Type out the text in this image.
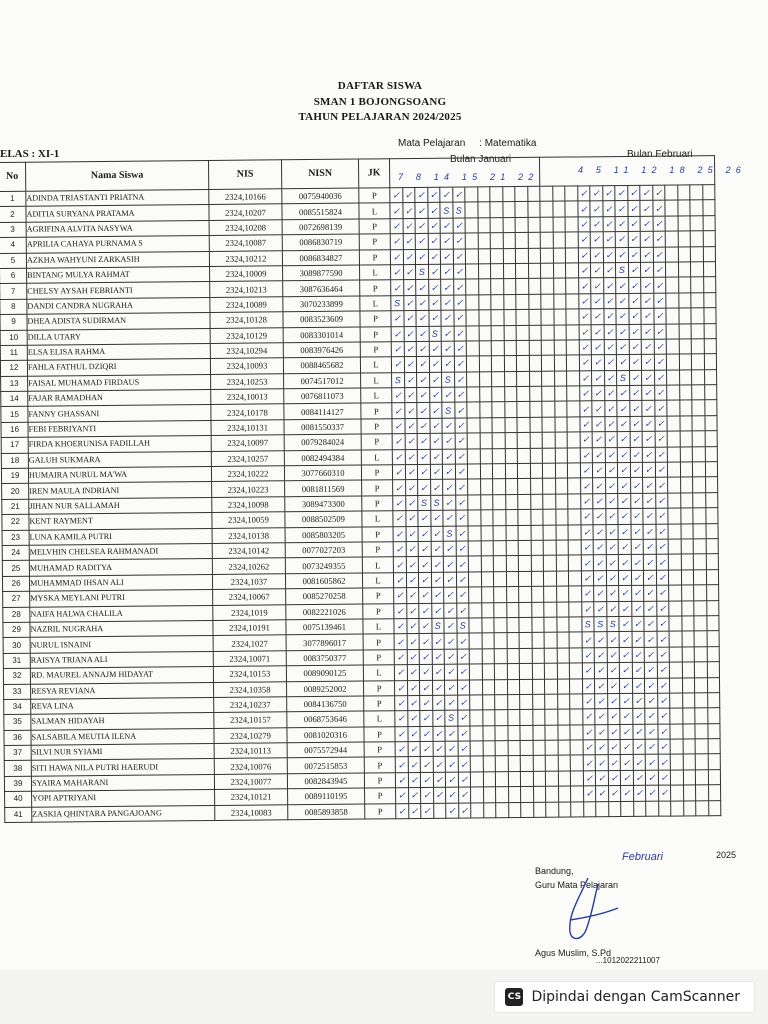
DAFTAR SISWA
SMAN 1 BOJONGSOANG
TAHUN PELAJARAN 2024/2025
ELAS : XI-1
Mata Pelajaran     : Matematika
Bulan Januari	Bulan Februari
7 8 14 15 21 22
4 5 11 12 18 25 26
No	Nama Siswa	NIS	NISN	JK																										
1	ADINDA TRIASTANTI PRIATNA	2324,10166	0075940036	P	✓	✓	✓	✓	✓	✓										✓	✓	✓	✓	✓	✓	✓				
2	ADITIA SURYANA PRATAMA	2324,10207	0085515824	L	✓	✓	✓	✓	S	S										✓	✓	✓	✓	✓	✓	✓				
3	AGRIFINA ALVITA NASYWA	2324,10208	0072698139	P	✓	✓	✓	✓	✓	✓										✓	✓	✓	✓	✓	✓	✓				
4	APRILIA CAHAYA PURNAMA S	2324,10087	0086830719	P	✓	✓	✓	✓	✓	✓										✓	✓	✓	✓	✓	✓	✓				
5	AZKHA WAHYUNI ZARKASIH	2324,10212	0086834827	P	✓	✓	✓	✓	✓	✓										✓	✓	✓	✓	✓	✓	✓				
6	BINTANG MULYA RAHMAT	2324,10009	3089877590	L	✓	✓	S	✓	✓	✓										✓	✓	✓	S	✓	✓	✓				
7	CHELSY AYSAH FEBRIANTI	2324,10213	3087636464	P	✓	✓	✓	✓	✓	✓										✓	✓	✓	✓	✓	✓	✓				
8	DANDI CANDRA NUGRAHA	2324,10089	3070233899	L	S	✓	✓	✓	✓	✓										✓	✓	✓	✓	✓	✓	✓				
9	DHEA ADISTA SUDIRMAN	2324,10128	0083523609	P	✓	✓	✓	✓	✓	✓										✓	✓	✓	✓	✓	✓	✓				
10	DILLA UTARY	2324,10129	0083301014	P	✓	✓	✓	S	✓	✓										✓	✓	✓	✓	✓	✓	✓				
11	ELSA ELISA RAHMA	2324,10294	0083976426	P	✓	✓	✓	✓	✓	✓										✓	✓	✓	✓	✓	✓	✓				
12	FAHLA FATHUL DZIQRI	2324,10093	0088465682	L	✓	✓	✓	✓	✓	✓										✓	✓	✓	✓	✓	✓	✓				
13	FAISAL MUHAMAD FIRDAUS	2324,10253	0074517012	L	S	✓	✓	✓	S	✓										✓	✓	✓	S	✓	✓	✓				
14	FAJAR RAMADHAN	2324,10013	0076811073	L	✓	✓	✓	✓	✓	✓										✓	✓	✓	✓	✓	✓	✓				
15	FANNY GHASSANI	2324,10178	0084114127	P	✓	✓	✓	✓	S	✓										✓	✓	✓	✓	✓	✓	✓				
16	FEBI FEBRIYANTI	2324,10131	0081550337	P	✓	✓	✓	✓	✓	✓										✓	✓	✓	✓	✓	✓	✓				
17	FIRDA KHOERUNISA FADILLAH	2324,10097	0079284024	P	✓	✓	✓	✓	✓	✓										✓	✓	✓	✓	✓	✓	✓				
18	GALUH SUKMARA	2324,10257	0082494384	L	✓	✓	✓	✓	✓	✓										✓	✓	✓	✓	✓	✓	✓				
19	HUMAIRA NURUL MA'WA	2324,10222	3077660310	P	✓	✓	✓	✓	✓	✓										✓	✓	✓	✓	✓	✓	✓				
20	IREN MAULA INDRIANI	2324,10223	0081811569	P	✓	✓	✓	✓	✓	✓										✓	✓	✓	✓	✓	✓	✓				
21	JIHAN NUR SALLAMAH	2324,10098	3089473300	P	✓	✓	S	S	✓	✓										✓	✓	✓	✓	✓	✓	✓				
22	KENT RAYMENT	2324,10059	0088502509	L	✓	✓	✓	✓	✓	✓										✓	✓	✓	✓	✓	✓	✓				
23	LUNA KAMILA PUTRI	2324,10138	0085803205	P	✓	✓	✓	✓	S	✓										✓	✓	✓	✓	✓	✓	✓				
24	MELVHIN CHELSEA RAHMANADI	2324,10142	0077027203	P	✓	✓	✓	✓	✓	✓										✓	✓	✓	✓	✓	✓	✓				
25	MUHAMAD RADITYA	2324,10262	0073249355	L	✓	✓	✓	✓	✓	✓										✓	✓	✓	✓	✓	✓	✓				
26	MUHAMMAD IHSAN ALI	2324,1037	0081605862	L	✓	✓	✓	✓	✓	✓										✓	✓	✓	✓	✓	✓	✓				
27	MYSKA MEYLANI PUTRI	2324,10067	0085270258	P	✓	✓	✓	✓	✓	✓										✓	✓	✓	✓	✓	✓	✓				
28	NAIFA HALWA CHALILA	2324,1019	0082221026	P	✓	✓	✓	✓	✓	✓										✓	✓	✓	✓	✓	✓	✓				
29	NAZRIL NUGRAHA	2324,10191	0075139461	L	✓	✓	✓	S	✓	S										S	S	S	✓	✓	✓	✓				
30	NURUL ISNAINI	2324,1027	3077896017	P	✓	✓	✓	✓	✓	✓										✓	✓	✓	✓	✓	✓	✓				
31	RAISYA TRIANA ALI	2324,10071	0083750377	P	✓	✓	✓	✓	✓	✓										✓	✓	✓	✓	✓	✓	✓				
32	RD. MAUREL ANNAJM HIDAYAT	2324,10153	0089090125	L	✓	✓	✓	✓	✓	✓										✓	✓	✓	✓	✓	✓	✓				
33	RESYA REVIANA	2324,10358	0089252002	P	✓	✓	✓	✓	✓	✓										✓	✓	✓	✓	✓	✓	✓				
34	REVA LINA	2324,10237	0084136750	P	✓	✓	✓	✓	✓	✓										✓	✓	✓	✓	✓	✓	✓				
35	SALMAN HIDAYAH	2324,10157	0068753646	L	✓	✓	✓	✓	S	✓										✓	✓	✓	✓	✓	✓	✓				
36	SALSABILA MEUTIA ILENA	2324,10279	0081020316	P	✓	✓	✓	✓	✓	✓										✓	✓	✓	✓	✓	✓	✓				
37	SILVI NUR SYIAMI	2324,10113	0075572944	P	✓	✓	✓	✓	✓	✓										✓	✓	✓	✓	✓	✓	✓				
38	SITI HAWA NILA PUTRI HAERUDI	2324,10076	0072515853	P	✓	✓	✓	✓	✓	✓										✓	✓	✓	✓	✓	✓	✓				
39	SYAIRA MAHARANI	2324,10077	0082843945	P	✓	✓	✓	✓	✓	✓										✓	✓	✓	✓	✓	✓	✓				
40	YOPI APTRIYANI	2324,10121	0089110195	P	✓	✓	✓	✓	✓	✓										✓	✓	✓	✓	✓	✓	✓				
41	ZASKIA QHINTARA PANGAJOANG	2324,10083	0085893858	P	✓	✓	✓		✓	✓																				
Bandung,
Februari	2025
Guru Mata Pelajaran
Agus Muslim, S.Pd
...1012022211007
CS Dipindai dengan CamScanner
